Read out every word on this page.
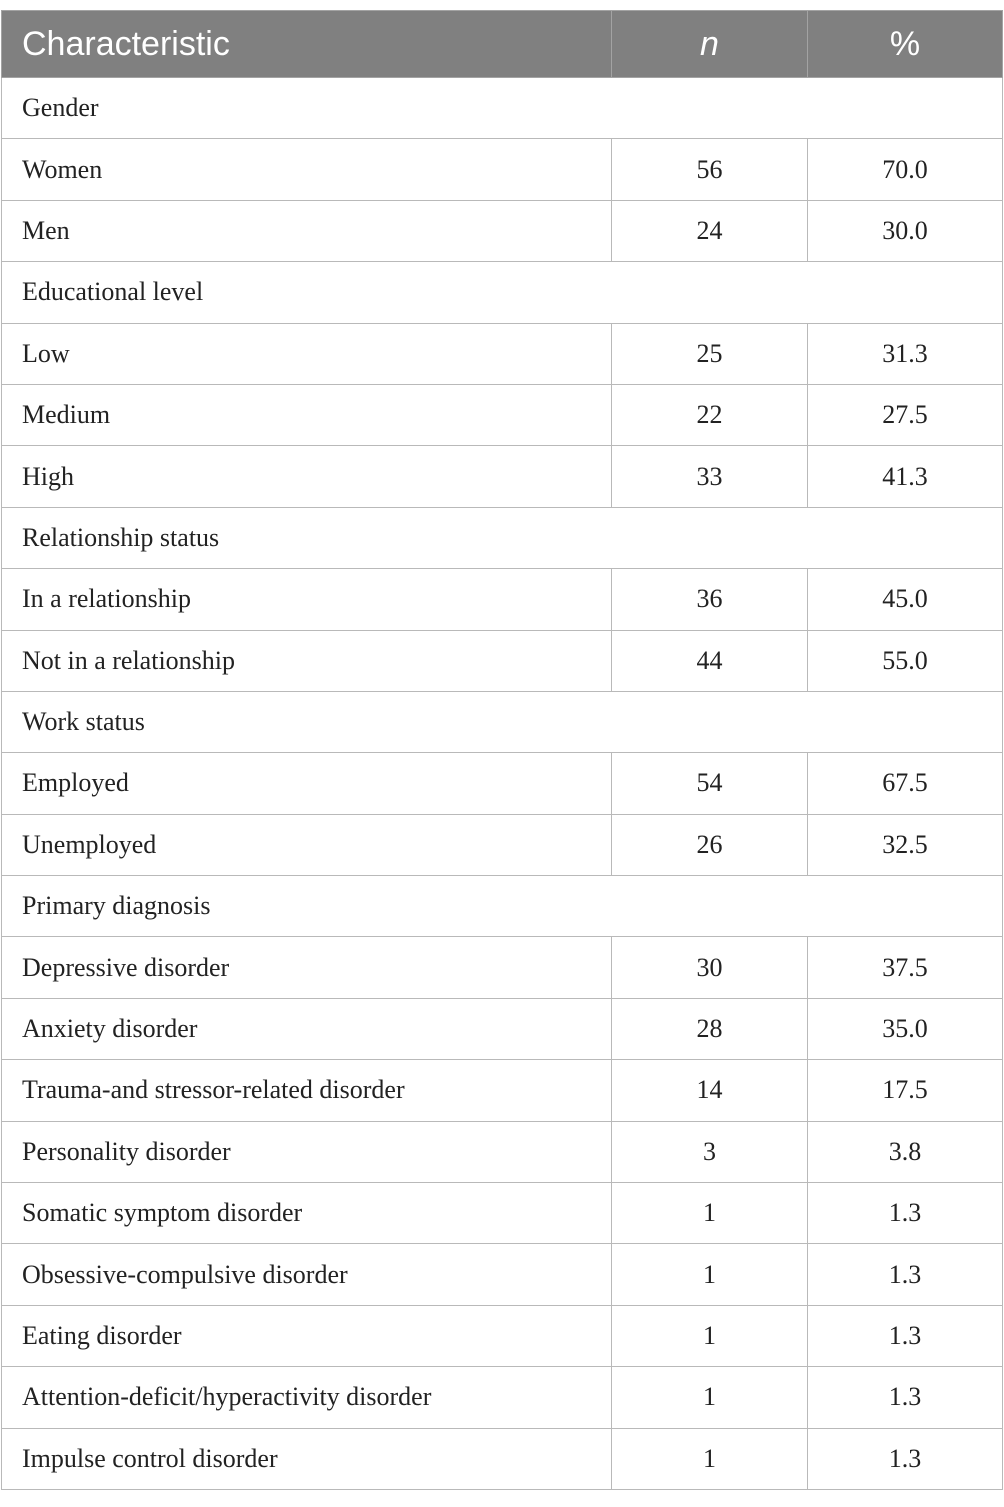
Characteristic	n	%
Gender		
Women	56	70.0
Men	24	30.0
Educational level		
Low	25	31.3
Medium	22	27.5
High	33	41.3
Relationship status		
In a relationship	36	45.0
Not in a relationship	44	55.0
Work status		
Employed	54	67.5
Unemployed	26	32.5
Primary diagnosis		
Depressive disorder	30	37.5
Anxiety disorder	28	35.0
Trauma-and stressor-related disorder	14	17.5
Personality disorder	3	3.8
Somatic symptom disorder	1	1.3
Obsessive-compulsive disorder	1	1.3
Eating disorder	1	1.3
Attention-deficit/hyperactivity disorder	1	1.3
Impulse control disorder	1	1.3
